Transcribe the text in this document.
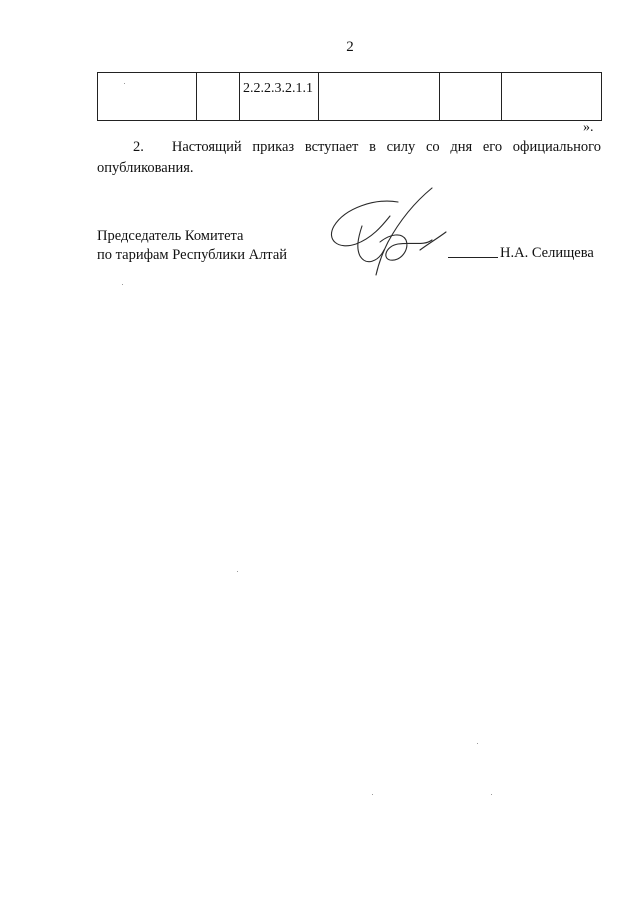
2
		2.2.2.3.2.1.1			
».
2. Настоящий приказ вступает в силу со дня его официального опубликования.
Председатель Комитета
по тарифам Республики Алтай	Н.А. Селищева
